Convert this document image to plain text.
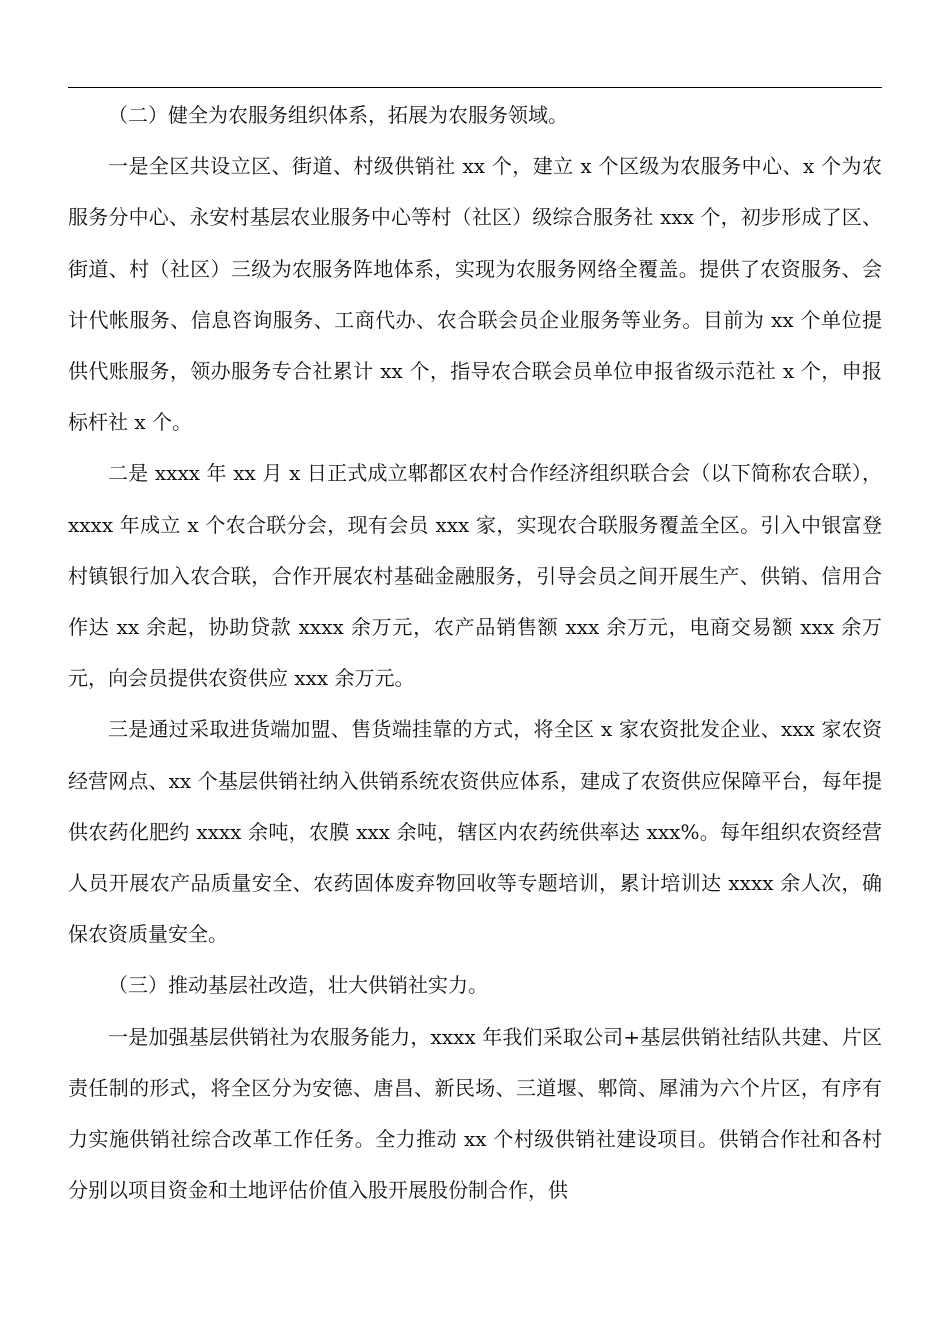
（二）健全为农服务组织体系，拓展为农服务领域。

一是全区共设立区、街道、村级供销社 xx 个，建立 x 个区级为农服务中心、x 个为农服务分中心、永安村基层农业服务中心等村（社区）级综合服务社 xxx 个，初步形成了区、街道、村（社区）三级为农服务阵地体系，实现为农服务网络全覆盖。提供了农资服务、会计代帐服务、信息咨询服务、工商代办、农合联会员企业服务等业务。目前为 xx 个单位提供代账服务，领办服务专合社累计 xx 个，指导农合联会员单位申报省级示范社 x 个，申报标杆社 x 个。

二是 xxxx 年 xx 月 x 日正式成立郫都区农村合作经济组织联合会（以下简称农合联），xxxx 年成立 x 个农合联分会，现有会员 xxx 家，实现农合联服务覆盖全区。引入中银富登村镇银行加入农合联，合作开展农村基础金融服务，引导会员之间开展生产、供销、信用合作达 xx 余起，协助贷款 xxxx 余万元，农产品销售额 xxx 余万元，电商交易额 xxx 余万元，向会员提供农资供应 xxx 余万元。

三是通过采取进货端加盟、售货端挂靠的方式，将全区 x 家农资批发企业、xxx 家农资经营网点、xx 个基层供销社纳入供销系统农资供应体系，建成了农资供应保障平台，每年提供农药化肥约 xxxx 余吨，农膜 xxx 余吨，辖区内农药统供率达 xxx%。每年组织农资经营人员开展农产品质量安全、农药固体废弃物回收等专题培训，累计培训达 xxxx 余人次，确保农资质量安全。

（三）推动基层社改造，壮大供销社实力。

一是加强基层供销社为农服务能力，xxxx 年我们采取公司+基层供销社结队共建、片区责任制的形式，将全区分为安德、唐昌、新民场、三道堰、郫筒、犀浦为六个片区，有序有力实施供销社综合改革工作任务。全力推动 xx 个村级供销社建设项目。供销合作社和各村分别以项目资金和土地评估价值入股开展股份制合作，供
